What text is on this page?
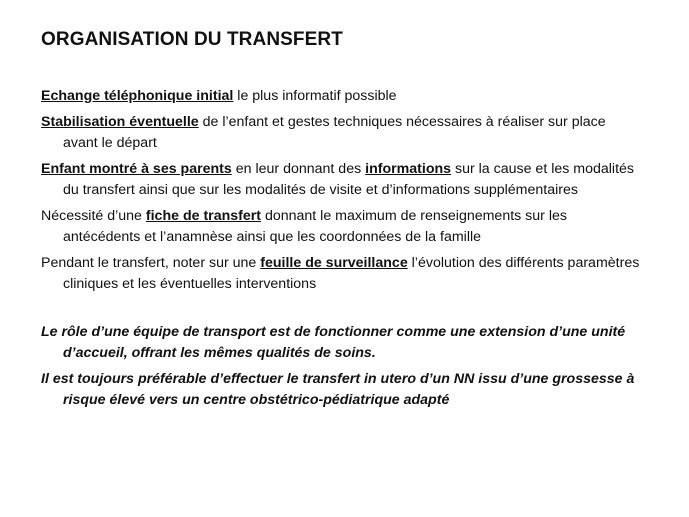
ORGANISATION DU TRANSFERT

Echange téléphonique initial le plus informatif possible

Stabilisation éventuelle de l’enfant et gestes techniques nécessaires à réaliser sur place avant le départ

Enfant montré à ses parents en leur donnant des informations sur la cause et les modalités du transfert ainsi que sur les modalités de visite et d’informations supplémentaires

Nécessité d’une fiche de transfert donnant le maximum de renseignements sur les antécédents et l’anamnèse ainsi que les coordonnées de la famille

Pendant le transfert, noter sur une feuille de surveillance l’évolution des différents paramètres cliniques et les éventuelles interventions

Le rôle d’une équipe de transport est de fonctionner comme une extension d’une unité d’accueil, offrant les mêmes qualités de soins.

Il est toujours préférable d’effectuer le transfert in utero d’un NN issu d’une grossesse à risque élevé vers un centre obstétrico-pédiatrique adapté
